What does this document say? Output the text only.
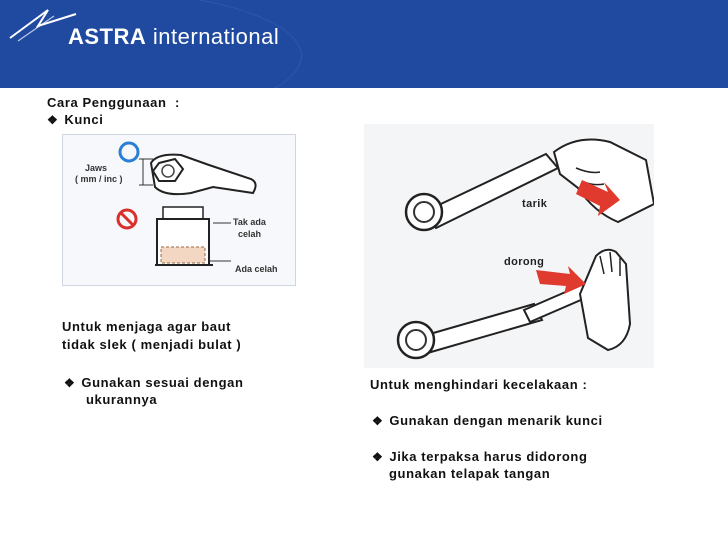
ASTRA international
Cara Penggunaan  :
❖ Kunci
Jaws
( mm / inc )
Tak ada
celah
Ada celah
Untuk menjaga agar baut
tidak slek ( menjadi bulat )
❖ Gunakan sesuai dengan
ukurannya
tarik
dorong
Untuk menghindari kecelakaan :
❖ Gunakan dengan menarik kunci
❖ Jika terpaksa harus didorong
gunakan telapak tangan
